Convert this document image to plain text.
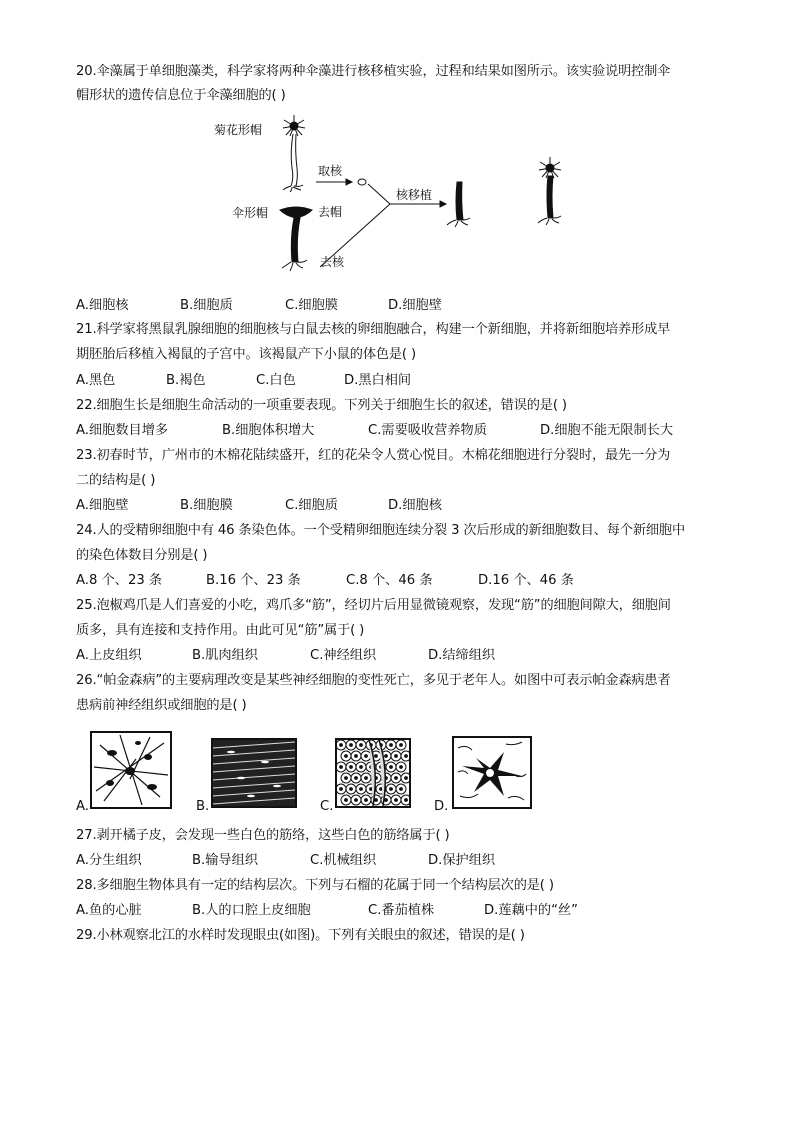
20.伞藻属于单细胞藻类，科学家将两种伞藻进行核移植实验，过程和结果如图所示。该实验说明控制伞
帽形状的遗传信息位于伞藻细胞的( )
菊花形帽
伞形帽
取核
去帽
去核
核移植
A.细胞核	B.细胞质	C.细胞膜	D.细胞壁
21.科学家将黑鼠乳腺细胞的细胞核与白鼠去核的卵细胞融合，构建一个新细胞，并将新细胞培养形成早
期胚胎后移植入褐鼠的子宫中。该褐鼠产下小鼠的体色是( )
A.黑色	B.褐色	C.白色	D.黑白相间
22.细胞生长是细胞生命活动的一项重要表现。下列关于细胞生长的叙述，错误的是( )
A.细胞数目增多	B.细胞体积增大	C.需要吸收营养物质	D.细胞不能无限制长大
23.初春时节，广州市的木棉花陆续盛开，红的花朵令人赏心悦目。木棉花细胞进行分裂时，最先一分为
二的结构是( )
A.细胞壁	B.细胞膜	C.细胞质	D.细胞核
24.人的受精卵细胞中有 46 条染色体。一个受精卵细胞连续分裂 3 次后形成的新细胞数目、每个新细胞中
的染色体数目分别是( )
A.8 个、23 条	B.16 个、23 条	C.8 个、46 条	D.16 个、46 条
25.泡椒鸡爪是人们喜爱的小吃，鸡爪多“筋”，经切片后用显微镜观察，发现“筋”的细胞间隙大，细胞间
质多，具有连接和支持作用。由此可见“筋”属于( )
A.上皮组织	B.肌肉组织	C.神经组织	D.结缔组织
26.“帕金森病”的主要病理改变是某些神经细胞的变性死亡，多见于老年人。如图中可表示帕金森病患者
患病前神经组织或细胞的是( )
A.	B.	C.	D.
27.剥开橘子皮，会发现一些白色的筋络，这些白色的筋络属于( )
A.分生组织	B.输导组织	C.机械组织	D.保护组织
28.多细胞生物体具有一定的结构层次。下列与石榴的花属于同一个结构层次的是( )
A.鱼的心脏	B.人的口腔上皮细胞	C.番茄植株	D.莲藕中的“丝”
29.小林观察北江的水样时发现眼虫(如图)。下列有关眼虫的叙述，错误的是( )
